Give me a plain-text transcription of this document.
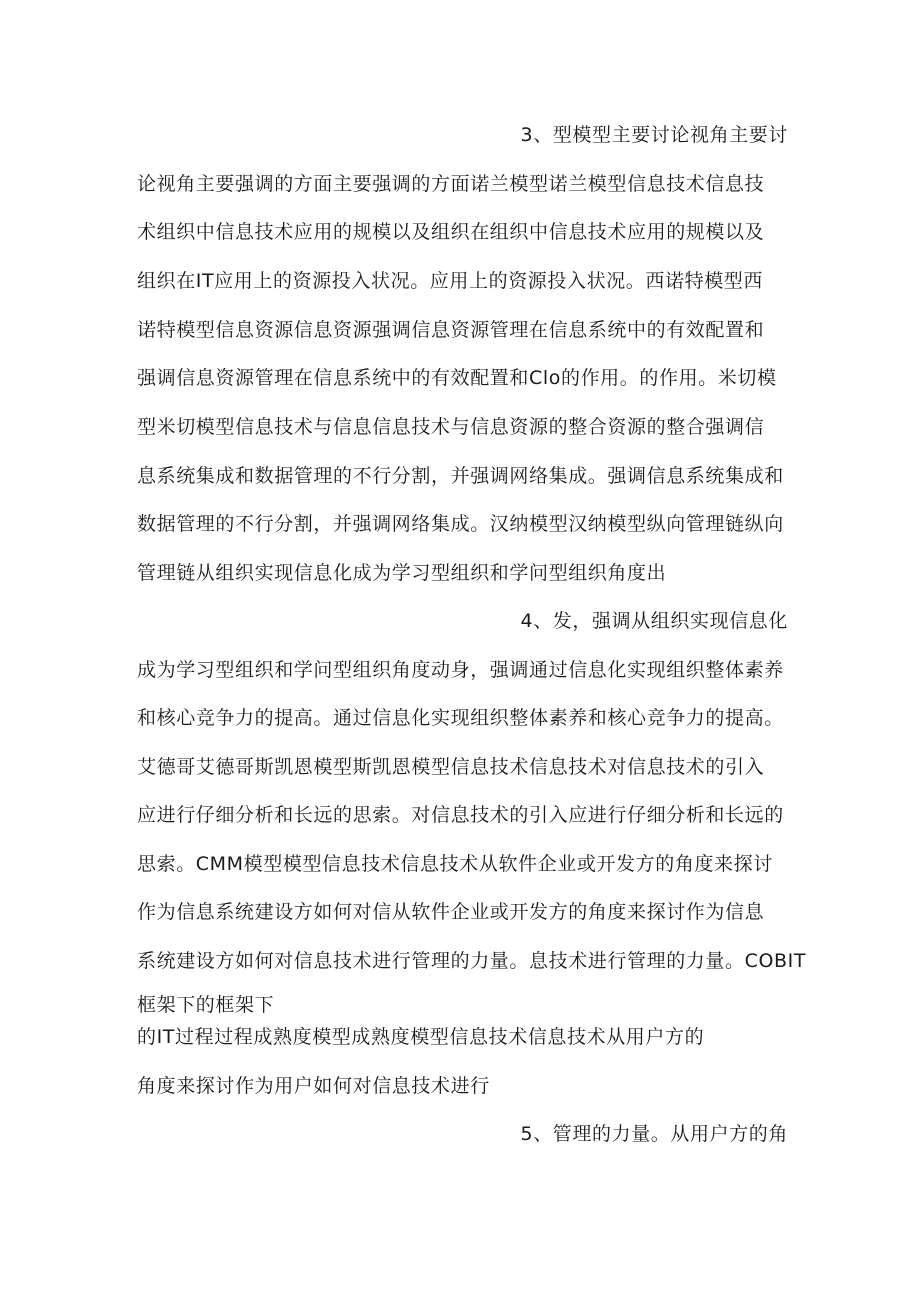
3、型模型主要讨论视角主要讨
论视角主要强调的方面主要强调的方面诺兰模型诺兰模型信息技术信息技
术组织中信息技术应用的规模以及组织在组织中信息技术应用的规模以及
组织在IT应用上的资源投入状况。应用上的资源投入状况。西诺特模型西
诺特模型信息资源信息资源强调信息资源管理在信息系统中的有效配置和
强调信息资源管理在信息系统中的有效配置和Clo的作用。的作用。米切模
型米切模型信息技术与信息信息技术与信息资源的整合资源的整合强调信
息系统集成和数据管理的不行分割，并强调网络集成。强调信息系统集成和
数据管理的不行分割，并强调网络集成。汉纳模型汉纳模型纵向管理链纵向
管理链从组织实现信息化成为学习型组织和学问型组织角度出
4、发，强调从组织实现信息化
成为学习型组织和学问型组织角度动身，强调通过信息化实现组织整体素养
和核心竞争力的提高。通过信息化实现组织整体素养和核心竞争力的提高。
艾德哥艾德哥斯凯恩模型斯凯恩模型信息技术信息技术对信息技术的引入
应进行仔细分析和长远的思索。对信息技术的引入应进行仔细分析和长远的
思索。CMM模型模型信息技术信息技术从软件企业或开发方的角度来探讨
作为信息系统建设方如何对信从软件企业或开发方的角度来探讨作为信息
系统建设方如何对信息技术进行管理的力量。息技术进行管理的力量。COBIT
框架下的框架下
的IT过程过程成熟度模型成熟度模型信息技术信息技术从用户方的
角度来探讨作为用户如何对信息技术进行
5、管理的力量。从用户方的角
